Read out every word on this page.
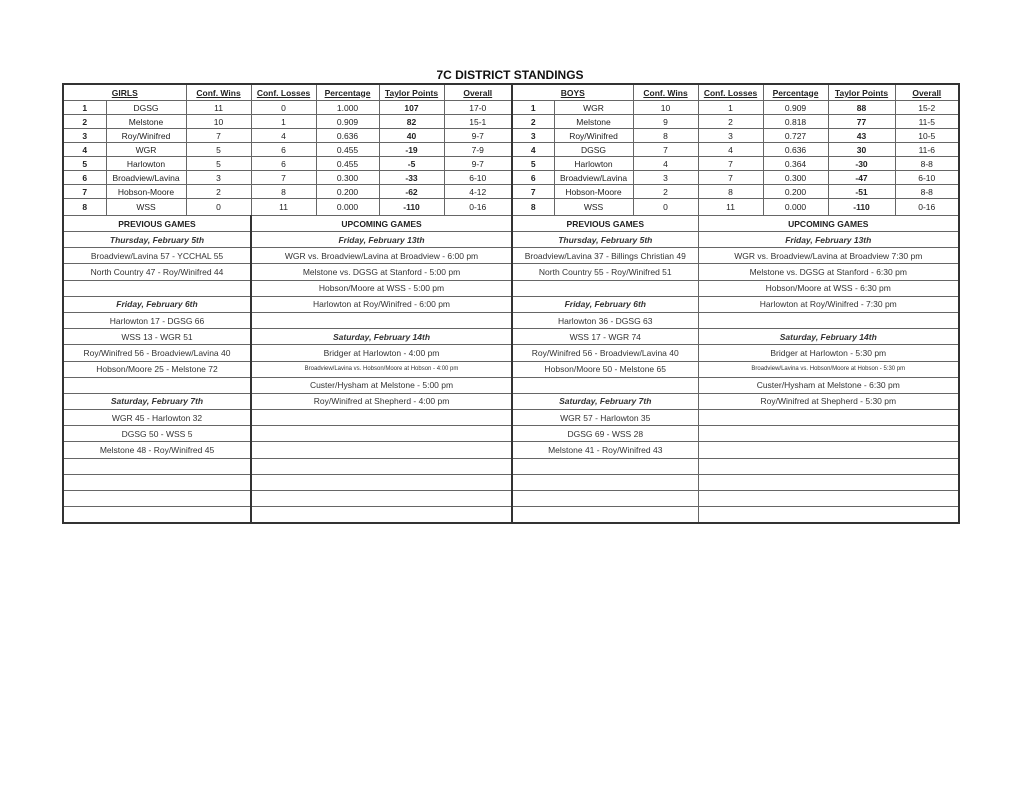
7C DISTRICT STANDINGS
GIRLS		Conf. Wins	Conf. Losses	Percentage	Taylor Points	Overall	BOYS		Conf. Wins	Conf. Losses	Percentage	Taylor Points	Overall
1	DGSG	11	0	1.000	107	17-0	1	WGR	10	1	0.909	88	15-2
2	Melstone	10	1	0.909	82	15-1	2	Melstone	9	2	0.818	77	11-5
3	Roy/Winifred	7	4	0.636	40	9-7	3	Roy/Winifred	8	3	0.727	43	10-5
4	WGR	5	6	0.455	-19	7-9	4	DGSG	7	4	0.636	30	11-6
5	Harlowton	5	6	0.455	-5	9-7	5	Harlowton	4	7	0.364	-30	8-8
6	Broadview/Lavina	3	7	0.300	-33	6-10	6	Broadview/Lavina	3	7	0.300	-47	6-10
7	Hobson-Moore	2	8	0.200	-62	4-12	7	Hobson-Moore	2	8	0.200	-51	8-8
8	WSS	0	11	0.000	-110	0-16	8	WSS	0	11	0.000	-110	0-16
PREVIOUS GAMES			UPCOMING GAMES				PREVIOUS GAMES			UPCOMING GAMES			
Thursday, February 5th			Friday, February 13th				Thursday, February 5th			Friday, February 13th			
Broadview/Lavina 57 - YCCHAL 55			WGR vs. Broadview/Lavina at Broadview - 6:00 pm				Broadview/Lavina 37 - Billings Christian 49			WGR vs. Broadview/Lavina at Broadview 7:30 pm			
North Country 47 - Roy/Winifred 44			Melstone vs. DGSG at Stanford - 5:00 pm				North Country 55 - Roy/Winifred 51			Melstone vs. DGSG at Stanford - 6:30 pm			
			Hobson/Moore at WSS - 5:00 pm							Hobson/Moore at WSS - 6:30 pm			
Friday, February 6th			Harlowton at Roy/Winifred - 6:00 pm				Friday, February 6th			Harlowton at Roy/Winifred - 7:30 pm			
Harlowton 17 - DGSG 66							Harlowton 36 - DGSG 63						
WSS 13 - WGR 51			Saturday, February 14th				WSS 17 - WGR 74			Saturday, February 14th			
Roy/Winifred 56 - Broadview/Lavina 40			Bridger at Harlowton - 4:00 pm				Roy/Winifred 56 - Broadview/Lavina 40			Bridger at Harlowton - 5:30 pm			
Hobson/Moore 25 - Melstone 72			Broadview/Lavina vs. Hobson/Moore at Hobson - 4:00 pm				Hobson/Moore 50 - Melstone 65			Broadview/Lavina vs. Hobson/Moore at Hobson - 5:30 pm			
			Custer/Hysham at Melstone - 5:00 pm							Custer/Hysham at Melstone - 6:30 pm			
Saturday, February 7th			Roy/Winifred at Shepherd - 4:00 pm				Saturday, February 7th			Roy/Winifred at Shepherd - 5:30 pm			
WGR 45 - Harlowton 32							WGR 57 - Harlowton 35						
DGSG 50 - WSS 5							DGSG 69 - WSS 28						
Melstone 48 - Roy/Winifred 45							Melstone 41 - Roy/Winifred 43						
